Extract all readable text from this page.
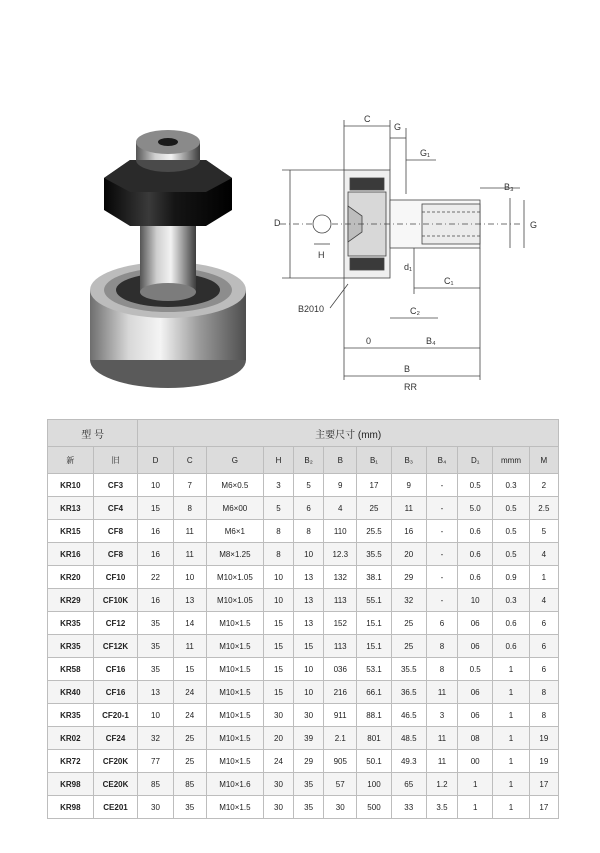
C
G
G₁
D
H
d₁
B₃
G
C₁
B2010	C₂
0	B₄
B
RR
型 号		主要尺寸 (mm)											
新	旧	D	C	G	H	B₂	B	B₁	B₃	B₄	D₁	mmm	M
KR10	CF3	10	7	M6×0.5	3	5	9	17	9	-	0.5	0.3	2
KR13	CF4	15	8	M6×00	5	6	4	25	11	-	5.0	0.5	2.5
KR15	CF8	16	11	M6×1	8	8	110	25.5	16	-	0.6	0.5	5
KR16	CF8	16	11	M8×1.25	8	10	12.3	35.5	20	-	0.6	0.5	4
KR20	CF10	22	10	M10×1.05	10	13	132	38.1	29	-	0.6	0.9	1
KR29	CF10K	16	13	M10×1.05	10	13	113	55.1	32	-	10	0.3	4
KR35	CF12	35	14	M10×1.5	15	13	152	15.1	25	6	06	0.6	6
KR35	CF12K	35	11	M10×1.5	15	15	113	15.1	25	8	06	0.6	6
KR58	CF16	35	15	M10×1.5	15	10	036	53.1	35.5	8	0.5	1	6
KR40	CF16	13	24	M10×1.5	15	10	216	66.1	36.5	11	06	1	8
KR35	CF20-1	10	24	M10×1.5	30	30	911	88.1	46.5	3	06	1	8
KR02	CF24	32	25	M10×1.5	20	39	2.1	801	48.5	11	08	1	19
KR72	CF20K	77	25	M10×1.5	24	29	905	50.1	49.3	11	00	1	19
KR98	CE20K	85	85	M10×1.6	30	35	57	100	65	1.2	1	1	17
KR98	CE201	30	35	M10×1.5	30	35	30	500	33	3.5	1	1	17
